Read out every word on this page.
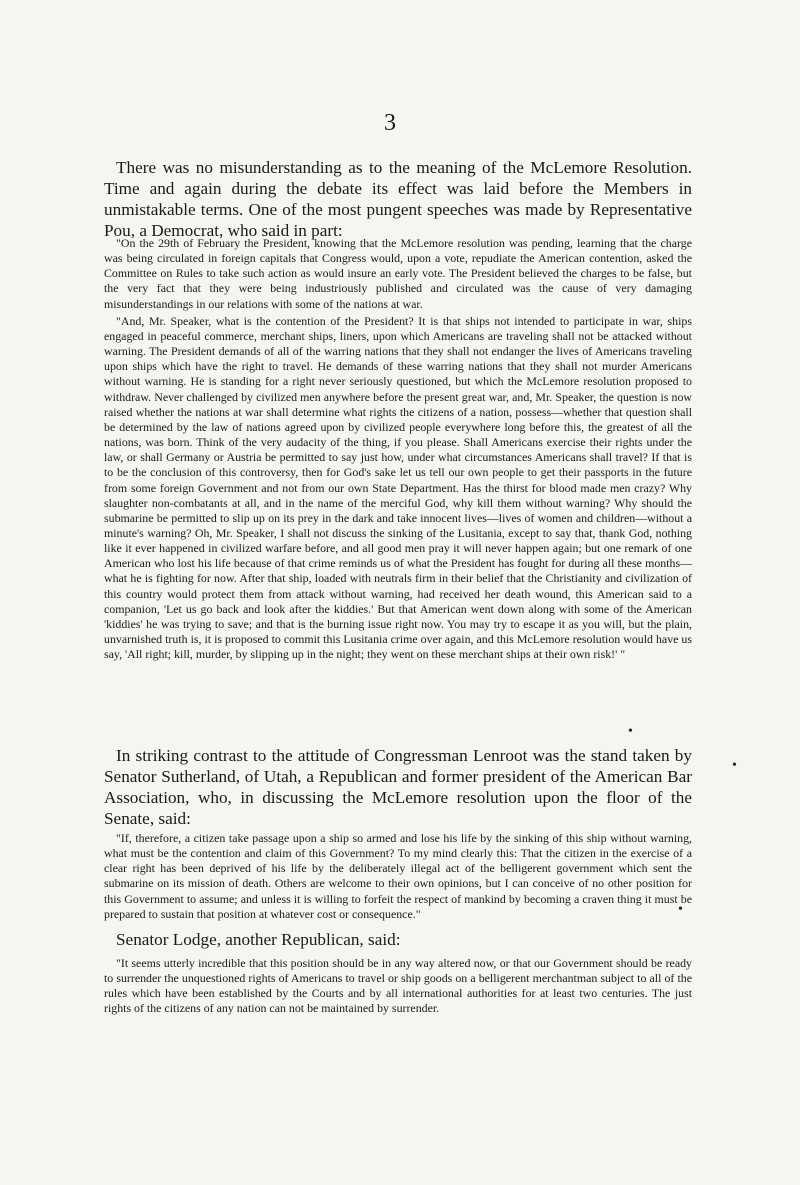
3

There was no misunderstanding as to the meaning of the McLemore Resolution. Time and again during the debate its effect was laid before the Members in unmistakable terms. One of the most pungent speeches was made by Representative Pou, a Democrat, who said in part:

"On the 29th of February the President, knowing that the McLemore resolution was pending, learning that the charge was being circulated in foreign capitals that Congress would, upon a vote, repudiate the American contention, asked the Committee on Rules to take such action as would insure an early vote. The President believed the charges to be false, but the very fact that they were being industriously published and circulated was the cause of very damaging misunderstandings in our relations with some of the nations at war.

"And, Mr. Speaker, what is the contention of the President? It is that ships not intended to participate in war, ships engaged in peaceful commerce, merchant ships, liners, upon which Americans are traveling shall not be attacked without warning. The President demands of all of the warring nations that they shall not endanger the lives of Americans traveling upon ships which have the right to travel. He demands of these warring nations that they shall not murder Americans without warning. He is standing for a right never seriously questioned, but which the McLemore resolution proposed to withdraw. Never challenged by civilized men anywhere before the present great war, and, Mr. Speaker, the question is now raised whether the nations at war shall determine what rights the citizens of a nation, possess—whether that question shall be determined by the law of nations agreed upon by civilized people everywhere long before this, the greatest of all the nations, was born. Think of the very audacity of the thing, if you please. Shall Americans exercise their rights under the law, or shall Germany or Austria be permitted to say just how, under what circumstances Americans shall travel? If that is to be the conclusion of this controversy, then for God's sake let us tell our own people to get their passports in the future from some foreign Government and not from our own State Department. Has the thirst for blood made men crazy? Why slaughter non-combatants at all, and in the name of the merciful God, why kill them without warning? Why should the submarine be permitted to slip up on its prey in the dark and take innocent lives—lives of women and children—without a minute's warning? Oh, Mr. Speaker, I shall not discuss the sinking of the Lusitania, except to say that, thank God, nothing like it ever happened in civilized warfare before, and all good men pray it will never happen again; but one remark of one American who lost his life because of that crime reminds us of what the President has fought for during all these months—what he is fighting for now. After that ship, loaded with neutrals firm in their belief that the Christianity and civilization of this country would protect them from attack without warning, had received her death wound, this American said to a companion, 'Let us go back and look after the kiddies.' But that American went down along with some of the American 'kiddies' he was trying to save; and that is the burning issue right now. You may try to escape it as you will, but the plain, unvarnished truth is, it is proposed to commit this Lusitania crime over again, and this McLemore resolution would have us say, 'All right; kill, murder, by slipping up in the night; they went on these merchant ships at their own risk!' "

In striking contrast to the attitude of Congressman Lenroot was the stand taken by Senator Sutherland, of Utah, a Republican and former president of the American Bar Association, who, in discussing the McLemore resolution upon the floor of the Senate, said:

"If, therefore, a citizen take passage upon a ship so armed and lose his life by the sinking of this ship without warning, what must be the contention and claim of this Government? To my mind clearly this: That the citizen in the exercise of a clear right has been deprived of his life by the deliberately illegal act of the belligerent government which sent the submarine on its mission of death. Others are welcome to their own opinions, but I can conceive of no other position for this Government to assume; and unless it is willing to forfeit the respect of mankind by becoming a craven thing it must be prepared to sustain that position at whatever cost or consequence."

Senator Lodge, another Republican, said:

"It seems utterly incredible that this position should be in any way altered now, or that our Government should be ready to surrender the unquestioned rights of Americans to travel or ship goods on a belligerent merchantman subject to all of the rules which have been established by the Courts and by all international authorities for at least two centuries. The just rights of the citizens of any nation can not be maintained by surrender.

•
•
•
